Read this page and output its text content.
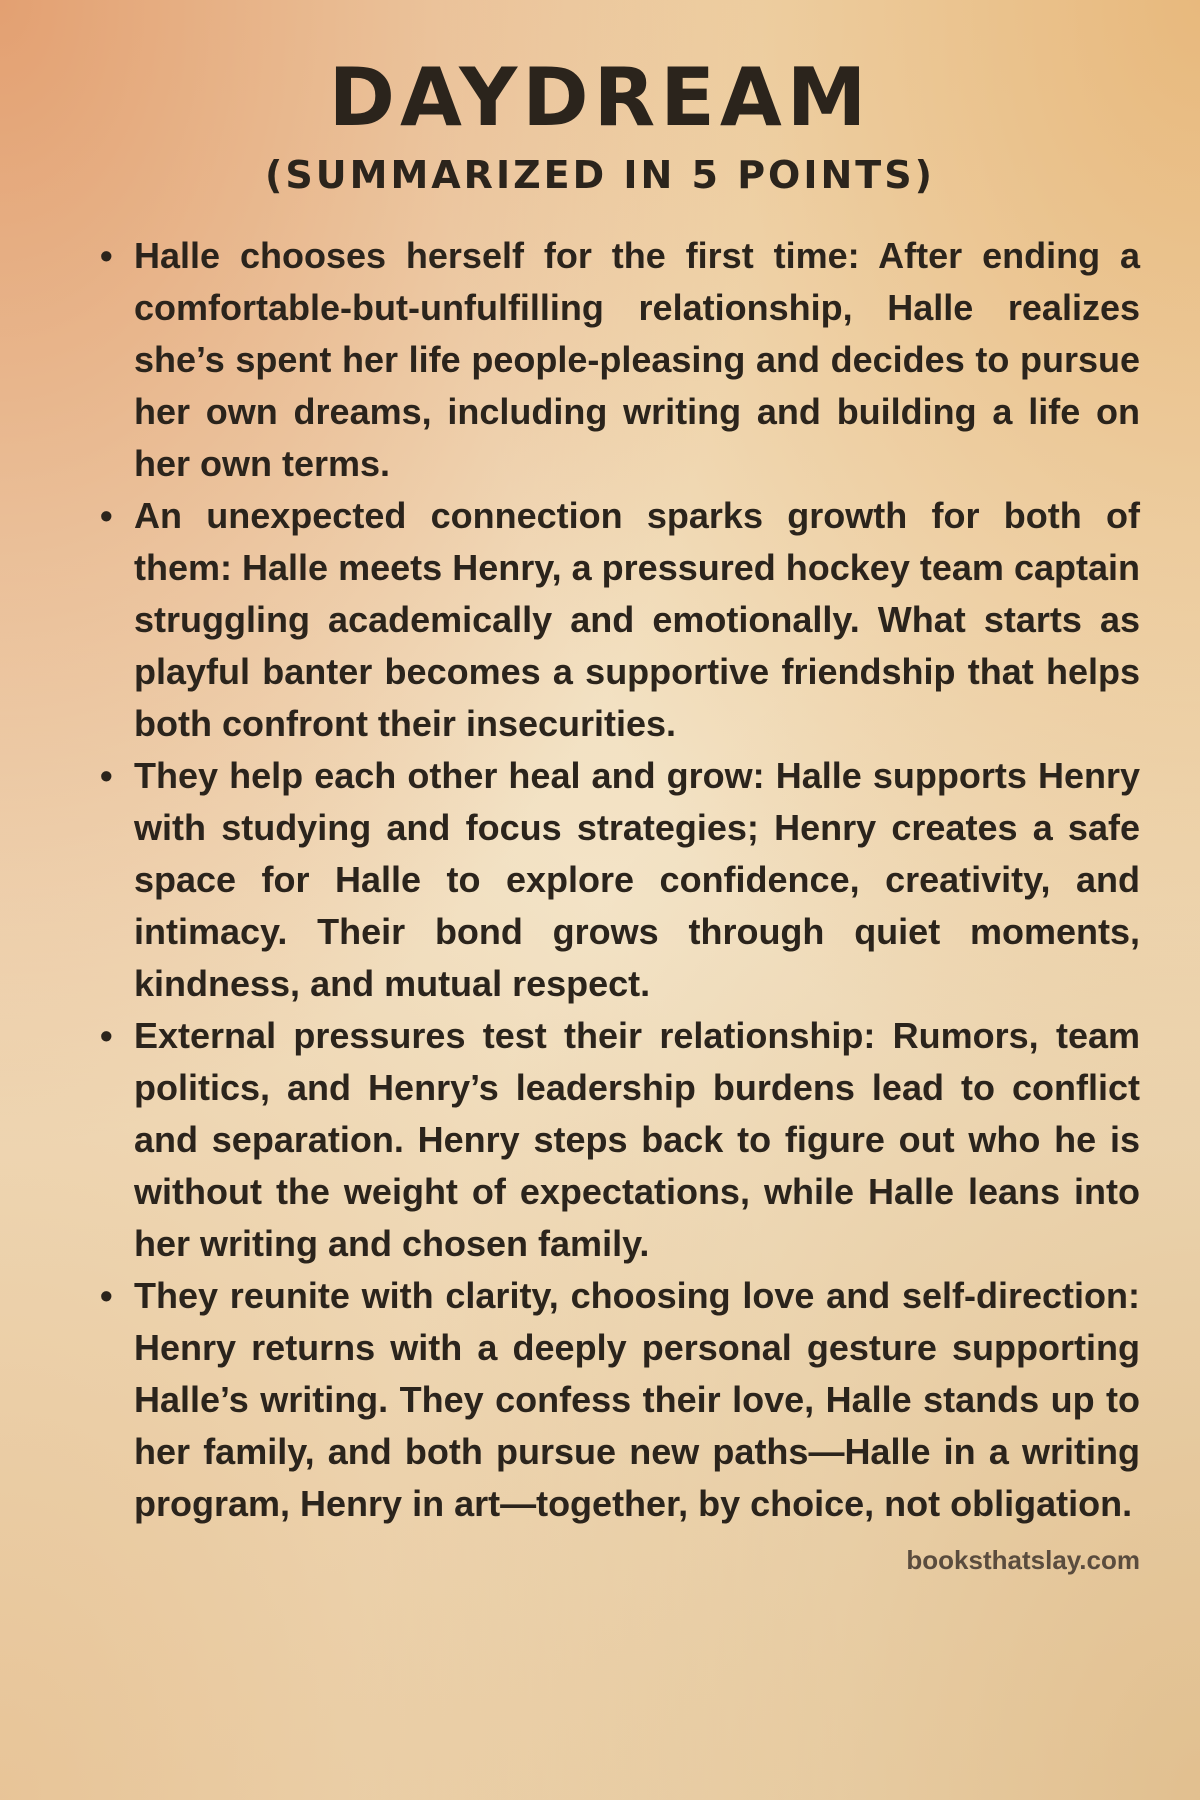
DAYDREAM
(SUMMARIZED IN 5 POINTS)
• Halle chooses herself for the first time: After ending a comfortable-but-unfulfilling relationship, Halle realizes she’s spent her life people-pleasing and decides to pursue her own dreams, including writing and building a life on her own terms.
• An unexpected connection sparks growth for both of them: Halle meets Henry, a pressured hockey team captain struggling academically and emotionally. What starts as playful banter becomes a supportive friendship that helps both confront their insecurities.
• They help each other heal and grow: Halle supports Henry with studying and focus strategies; Henry creates a safe space for Halle to explore confidence, creativity, and intimacy. Their bond grows through quiet moments, kindness, and mutual respect.
• External pressures test their relationship: Rumors, team politics, and Henry’s leadership burdens lead to conflict and separation. Henry steps back to figure out who he is without the weight of expectations, while Halle leans into her writing and chosen family.
• They reunite with clarity, choosing love and self-direction: Henry returns with a deeply personal gesture supporting Halle’s writing. They confess their love, Halle stands up to her family, and both pursue new paths—Halle in a writing program, Henry in art—together, by choice, not obligation.
booksthatslay.com
